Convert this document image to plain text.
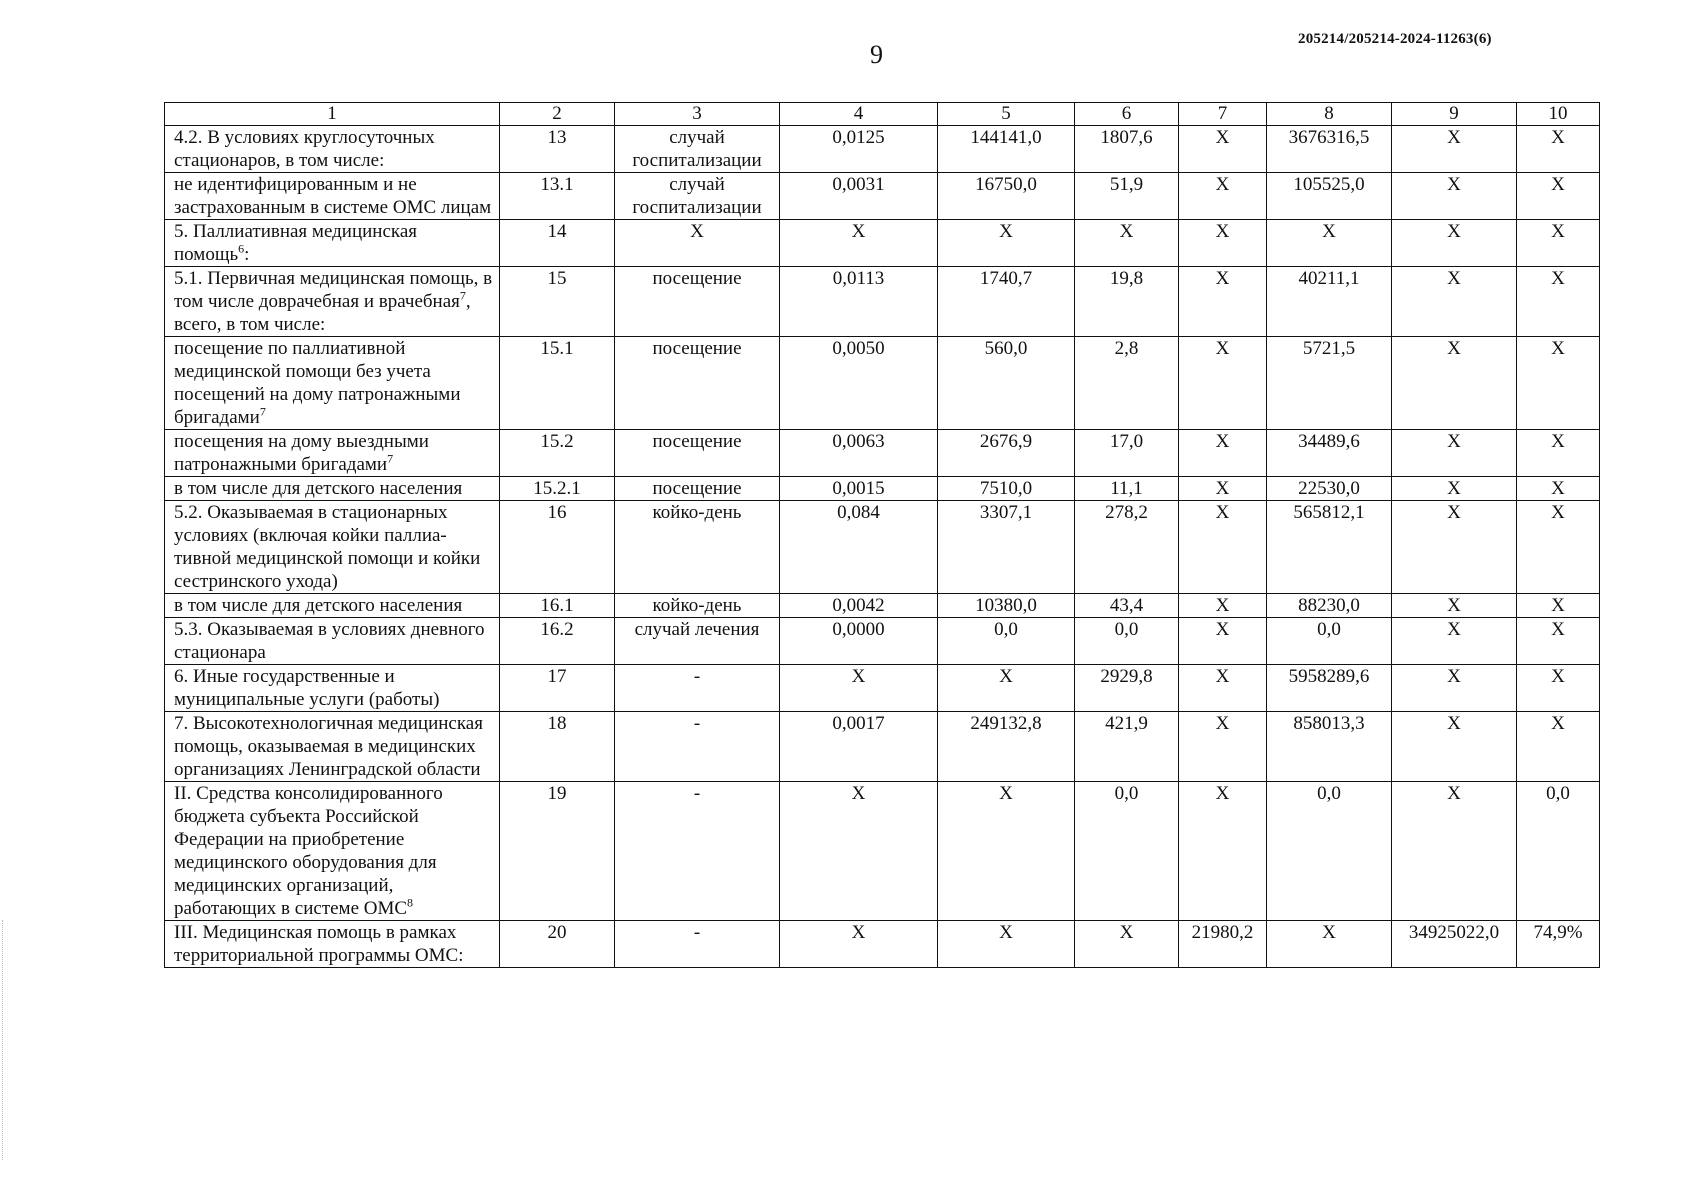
9
205214/205214-2024-11263(6)
1	2	3	4	5	6	7	8	9	10
4.2. В условиях круглосуточных стационаров, в том числе:	13	случай госпитализации	0,0125	144141,0	1807,6	X	3676316,5	X	X
не идентифицированным и не застрахованным в системе ОМС лицам	13.1	случай госпитализации	0,0031	16750,0	51,9	X	105525,0	X	X
5. Паллиативная медицинская помощь$^6$:	14	X	X	X	X	X	X	X	X
5.1. Первичная медицинская помощь, в том числе доврачебная и врачебная$^7$, всего, в том числе:	15	посещение	0,0113	1740,7	19,8	X	40211,1	X	X
посещение по паллиативной медицинской помощи без учета посещений на дому патронажными бригадами$^7$	15.1	посещение	0,0050	560,0	2,8	X	5721,5	X	X
посещения на дому выездными патронажными бригадами$^7$	15.2	посещение	0,0063	2676,9	17,0	X	34489,6	X	X
в том числе для детского населения	15.2.1	посещение	0,0015	7510,0	11,1	X	22530,0	X	X
5.2. Оказываемая в стационарных условиях (включая койки паллиа-тивной медицинской помощи и койки сестринского ухода)	16	койко-день	0,084	3307,1	278,2	X	565812,1	X	X
в том числе для детского населения	16.1	койко-день	0,0042	10380,0	43,4	X	88230,0	X	X
5.3. Оказываемая в условиях дневного стационара	16.2	случай лечения	0,0000	0,0	0,0	X	0,0	X	X
6. Иные государственные и муниципальные услуги (работы)	17	-	X	X	2929,8	X	5958289,6	X	X
7. Высокотехнологичная медицинская помощь, оказываемая в медицинских организациях Ленинградской области	18	-	0,0017	249132,8	421,9	X	858013,3	X	X
II. Средства консолидированного бюджета субъекта Российской Федерации на приобретение медицинского оборудования для медицинских организаций, работающих в системе ОМС$^8$	19	-	X	X	0,0	X	0,0	X	0,0
III. Медицинская помощь в рамках территориальной программы ОМС:	20	-	X	X	X	21980,2	X	34925022,0	74,9%
